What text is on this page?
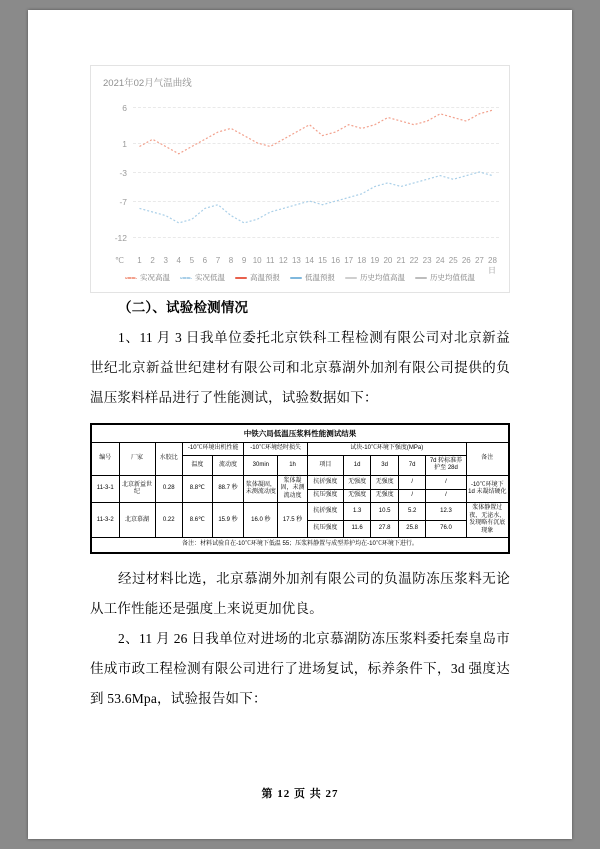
2021年02月气温曲线
6
1
-3
-7
-12
1 2 3 4 5 6 7 8 9 10 11 12 13 14 15 16 17 18 19 20 21 22 23 24 25 26 27 28日
℃
实况高温	实况低温	高温预报	低温预报	历史均值高温	历史均值低温

（二）、试验检测情况

1、11 月 3 日我单位委托北京铁科工程检测有限公司对北京新益世纪北京新益世纪建材有限公司和北京慕湖外加剂有限公司提供的负温压浆料样品进行了性能测试，试验数据如下：

中铁六局低温压浆料性能测试结果												
编号	厂家	水胶比	-10℃环境出机性能		-10℃环境经时损失		试块-10℃环境下强度(MPa)					备注
			温度	流动度	30min	1h	项目	1d	3d	7d	7d 转标准养护至 28d	
11-3-1	北京新益世纪	0.28	8.8℃	88.7 秒	浆体凝固，未测流动度	浆体凝固，未测流动度	抗折强度	无强度	无强度	/	/	-10℃环境下 1d 未凝结硬化
							抗压强度	无强度	无强度	/	/	
11-3-2	北京慕湖	0.22	8.6℃	15.9 秒	16.0 秒	17.5 秒	抗折强度	1.3	10.5	5.2	12.3	浆体静置过夜，无泌水，发现略有沉底现象
							抗压强度	11.6	27.8	25.8	76.0	
备注：材料试验自在-10℃环境下低温 55；压浆料静置与成型养护均在-10℃环境下进行。												

经过材料比选，北京慕湖外加剂有限公司的负温防冻压浆料无论从工作性能还是强度上来说更加优良。

2、11 月 26 日我单位对进场的北京慕湖防冻压浆料委托秦皇岛市佳成市政工程检测有限公司进行了进场复试，标养条件下，3d 强度达到 53.6Mpa，试验报告如下：

第 12 页 共 27
